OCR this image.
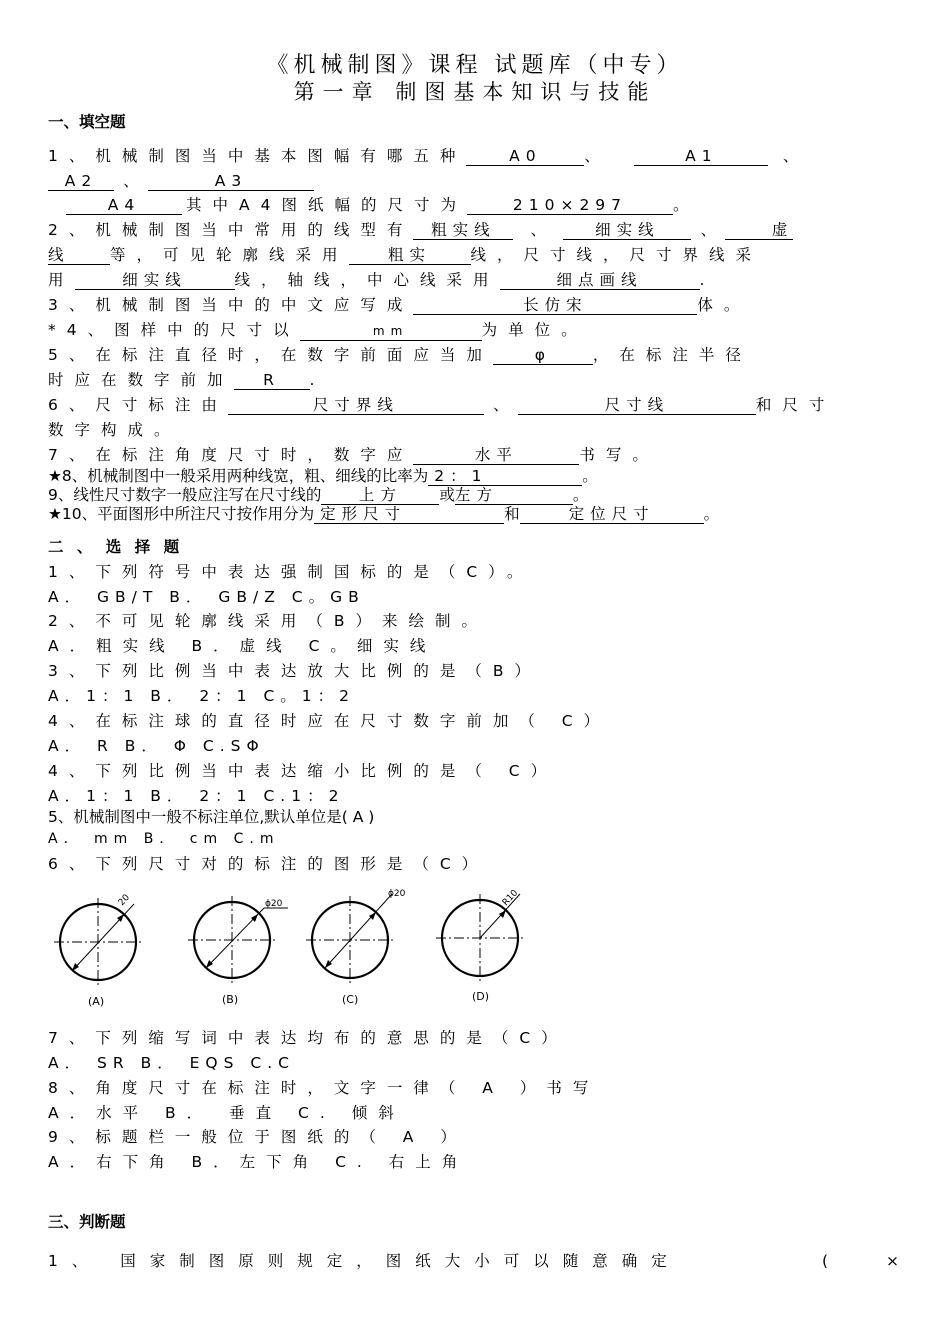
《机械制图》课程 试题库（中专）
第一章 制图基本知识与技能
一、填空题
1、机械制图当中基本图幅有哪五种	A0	、	A1	、
A2 、	A3
A4	其中A4图纸幅的尺寸为	210×297	。
2、机械制图当中常用的线型有 粗实线 、	细实线	、	虚
线	等，可见轮廓线采用	粗实	线，尺寸线，尺寸界线采
用	细实线	线，轴线，中心线采用	细点画线	.
3、机械制图当中的中文应写成	长仿宋	体。
*4、图样中的尺寸以	mm	为单位。
5、在标注直径时，在数字前面应当加	φ	，在标注半径
时应在数字前加 R .
6、尺寸标注由	尺寸界线	、	尺寸线	和尺寸
数字构成。
7、在标注角度尺寸时，数字应	水平	书写。
★8、机械制图中一般采用两种线宽，粗、细线的比率为 2：1	。
9、线性尺寸数字一般应注写在尺寸线的 上方 或左方	。
★10、平面图形中所注尺寸按作用分为 定形尺寸	和	定位尺寸	。
二 、 选 择 题
1、下列符号中表达强制国标的是（C）。
A． GB/T B． GB/Z C。GB
2、不可见轮廓线采用（B）来绘制。
A．粗实线 B．虚线 C。细实线
3、下列比例当中表达放大比例的是（B）
A．1：1 B． 2：1 C。1：2
4、在标注球的直径时应在尺寸数字前加（ C）
A． R B． Φ C.SΦ
4、下列比例当中表达缩小比例的是（ C）
A．1：1 B． 2：1 C.1：2
5、机械制图中一般不标注单位,默认单位是( A )
A． mm B． cm C.m
6、下列尺寸对的标注的图形是（C）
20
(A)
ϕ20
(B)
ϕ20
(C)
R10
(D)
7、下列缩写词中表达均布的意思的是（C）
A． SR B． EQS C.C
8、角度尺寸在标注时，文字一律（ A ）书写
A．水平 B． 垂直 C. 倾斜
9、标题栏一般位于图纸的（ A ）
A．右下角 B．左下角 C. 右上角
三、判断题
1、 国家制图原则规定，图纸大小可以随意确定	(	×
